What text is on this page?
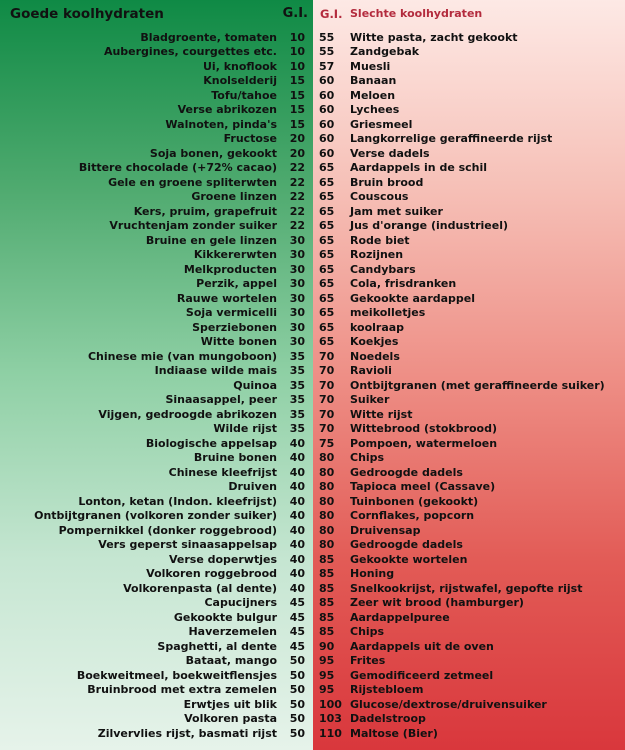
Goede koolhydraten	G.I.
Bladgroente, tomaten	10
Aubergines, courgettes etc.	10
Ui, knoflook	10
Knolselderij	15
Tofu/tahoe	15
Verse abrikozen	15
Walnoten, pinda's	15
Fructose	20
Soja bonen, gekookt	20
Bittere chocolade (+72% cacao)	22
Gele en groene spliterwten	22
Groene linzen	22
Kers, pruim, grapefruit	22
Vruchtenjam zonder suiker	22
Bruine en gele linzen	30
Kikkererwten	30
Melkproducten	30
Perzik, appel	30
Rauwe wortelen	30
Soja vermicelli	30
Sperziebonen	30
Witte bonen	30
Chinese mie (van mungoboon)	35
Indiaase wilde mais	35
Quinoa	35
Sinaasappel, peer	35
Vijgen, gedroogde abrikozen	35
Wilde rijst	35
Biologische appelsap	40
Bruine bonen	40
Chinese kleefrijst	40
Druiven	40
Lonton, ketan (Indon. kleefrijst)	40
Ontbijtgranen (volkoren zonder suiker)	40
Pompernikkel (donker roggebrood)	40
Vers geperst sinaasappelsap	40
Verse doperwtjes	40
Volkoren roggebrood	40
Volkorenpasta (al dente)	40
Capucijners	45
Gekookte bulgur	45
Haverzemelen	45
Spaghetti, al dente	45
Bataat, mango	50
Boekweitmeel, boekweitflensjes	50
Bruinbrood met extra zemelen	50
Erwtjes uit blik	50
Volkoren pasta	50
Zilvervlies rijst, basmati rijst	50
G.I. Slechte koolhydraten
55	Witte pasta, zacht gekookt
55	Zandgebak
57	Muesli
60	Banaan
60	Meloen
60	Lychees
60	Griesmeel
60	Langkorrelige geraffineerde rijst
60	Verse dadels
65	Aardappels in de schil
65	Bruin brood
65	Couscous
65	Jam met suiker
65	Jus d'orange (industrieel)
65	Rode biet
65	Rozijnen
65	Candybars
65	Cola, frisdranken
65	Gekookte aardappel
65	meikolletjes
65	koolraap
65	Koekjes
70	Noedels
70	Ravioli
70	Ontbijtgranen (met geraffineerde suiker)
70	Suiker
70	Witte rijst
70	Wittebrood (stokbrood)
75	Pompoen, watermeloen
80	Chips
80	Gedroogde dadels
80	Tapioca meel (Cassave)
80	Tuinbonen (gekookt)
80	Cornflakes, popcorn
80	Druivensap
80	Gedroogde dadels
85	Gekookte wortelen
85	Honing
85	Snelkookrijst, rijstwafel, gepofte rijst
85	Zeer wit brood (hamburger)
85	Aardappelpuree
85	Chips
90	Aardappels uit de oven
95	Frites
95	Gemodificeerd zetmeel
95	Rijstebloem
100 Glucose/dextrose/druivensuiker
103 Dadelstroop
110 Maltose (Bier)
